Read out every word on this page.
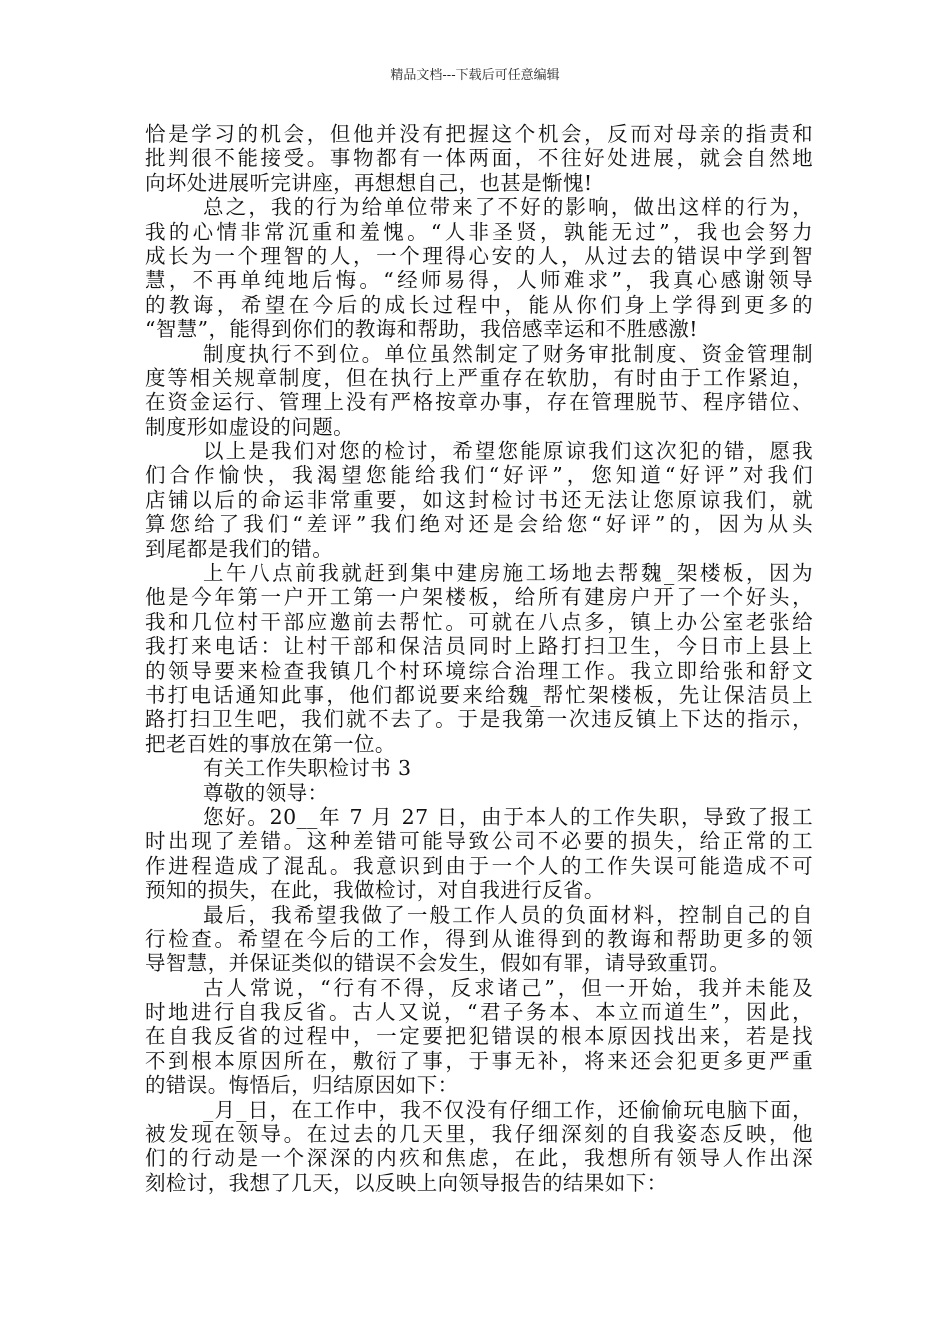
精品文档---下载后可任意编辑
恰是学习的机会，但他并没有把握这个机会，反而对母亲的指责和
批判很不能接受。事物都有一体两面，不往好处进展，就会自然地
向坏处进展听完讲座，再想想自己，也甚是惭愧!
总之，我的行为给单位带来了不好的影响，做出这样的行为，
我的心情非常沉重和羞愧。“人非圣贤，孰能无过”，我也会努力
成长为一个理智的人，一个理得心安的人，从过去的错误中学到智
慧，不再单纯地后悔。“经师易得，人师难求”，我真心感谢领导
的教诲，希望在今后的成长过程中，能从你们身上学得到更多的
“智慧”，能得到你们的教诲和帮助，我倍感幸运和不胜感激!
制度执行不到位。单位虽然制定了财务审批制度、资金管理制
度等相关规章制度，但在执行上严重存在软肋，有时由于工作紧迫，
在资金运行、管理上没有严格按章办事，存在管理脱节、程序错位、
制度形如虚设的问题。
以上是我们对您的检讨，希望您能原谅我们这次犯的错，愿我
们合作愉快，我渴望您能给我们“好评”，您知道“好评”对我们
店铺以后的命运非常重要，如这封检讨书还无法让您原谅我们，就
算您给了我们“差评”我们绝对还是会给您“好评”的，因为从头
到尾都是我们的错。
上午八点前我就赶到集中建房施工场地去帮魏_架楼板，因为
他是今年第一户开工第一户架楼板，给所有建房户开了一个好头，
我和几位村干部应邀前去帮忙。可就在八点多，镇上办公室老张给
我打来电话：让村干部和保洁员同时上路打扫卫生，今日市上县上
的领导要来检查我镇几个村环境综合治理工作。我立即给张和舒文
书打电话通知此事，他们都说要来给魏_帮忙架楼板，先让保洁员上
路打扫卫生吧，我们就不去了。于是我第一次违反镇上下达的指示，
把老百姓的事放在第一位。
有关工作失职检讨书 3
尊敬的领导：
您好。20__年 7 月 27 日，由于本人的工作失职，导致了报工
时出现了差错。这种差错可能导致公司不必要的损失，给正常的工
作进程造成了混乱。我意识到由于一个人的工作失误可能造成不可
预知的损失，在此，我做检讨，对自我进行反省。
最后，我希望我做了一般工作人员的负面材料，控制自己的自
行检查。希望在今后的工作，得到从谁得到的教诲和帮助更多的领
导智慧，并保证类似的错误不会发生，假如有罪，请导致重罚。
古人常说，“行有不得，反求诸己”，但一开始，我并未能及
时地进行自我反省。古人又说，“君子务本、本立而道生”，因此，
在自我反省的过程中，一定要把犯错误的根本原因找出来，若是找
不到根本原因所在，敷衍了事，于事无补，将来还会犯更多更严重
的错误。悔悟后，归结原因如下：
_月_日，在工作中，我不仅没有仔细工作，还偷偷玩电脑下面，
被发现在领导。在过去的几天里，我仔细深刻的自我姿态反映，他
们的行动是一个深深的内疚和焦虑，在此，我想所有领导人作出深
刻检讨，我想了几天，以反映上向领导报告的结果如下：
